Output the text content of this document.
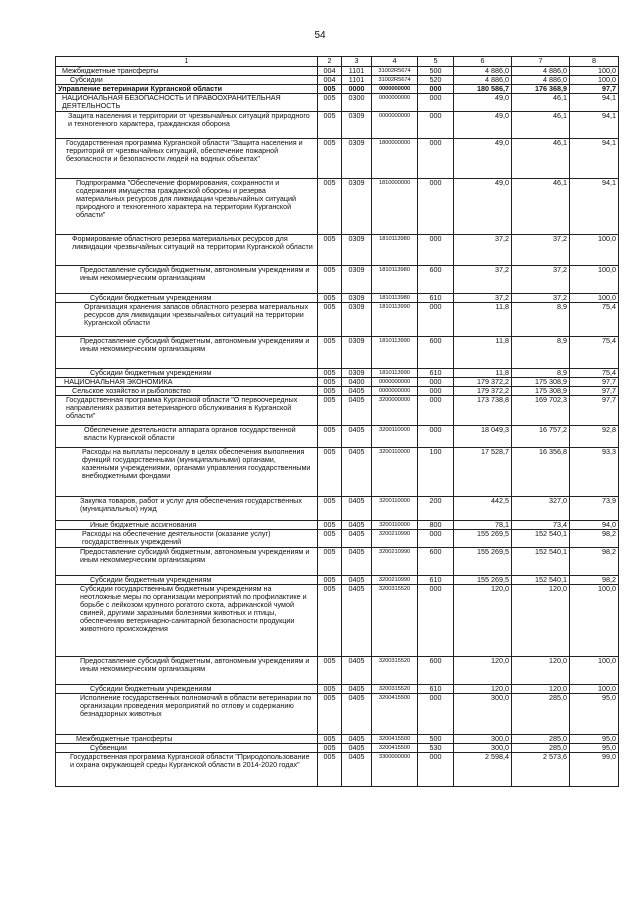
54
1	2	3	4	5	6	7	8
Межбюджетные трансферты	004	1101	31002R5674	500	4 886,0	4 886,0	100,0
Субсидии	004	1101	31002R5674	520	4 886,0	4 886,0	100,0
Управление ветеринарии Курганской области	005	0000	0000000000	000	180 586,7	176 368,9	97,7
НАЦИОНАЛЬНАЯ БЕЗОПАСНОСТЬ И ПРАВООХРАНИТЕЛЬНАЯ ДЕЯТЕЛЬНОСТЬ	005	0300	0000000000	000	49,0	46,1	94,1
Защита населения и территории от чрезвычайных ситуаций природного и техногенного характера, гражданская оборона	005	0309	0000000000	000	49,0	46,1	94,1
Государственная программа Курганской области "Защита населения и территорий от чрезвычайных ситуаций, обеспечение пожарной безопасности и безопасности людей на водных объектах"	005	0309	1800000000	000	49,0	46,1	94,1
Подпрограмма "Обеспечение формирования, сохранности и содержания имущества гражданской обороны и резерва материальных ресурсов для ликвидации чрезвычайных ситуаций природного и техногенного характера на территории Курганской области"	005	0309	1810000000	000	49,0	46,1	94,1
Формирование областного резерва материальных ресурсов для ликвидации чрезвычайных ситуаций на территории Курганской области	005	0309	1810113980	000	37,2	37,2	100,0
Предоставление субсидий бюджетным, автономным учреждениям и иным некоммерческим организациям	005	0309	1810113980	600	37,2	37,2	100,0
Субсидии бюджетным учреждениям	005	0309	1810113980	610	37,2	37,2	100,0
Организация хранения запасов областного резерва материальных ресурсов для ликвидации чрезвычайных ситуаций на территории Курганской области	005	0309	1810113990	000	11,8	8,9	75,4
Предоставление субсидий бюджетным, автономным учреждениям и иным некоммерческим организациям	005	0309	1810113990	600	11,8	8,9	75,4
Субсидии бюджетным учреждениям	005	0309	1810113990	610	11,8	8,9	75,4
НАЦИОНАЛЬНАЯ ЭКОНОМИКА	005	0400	0000000000	000	179 372,2	175 308,9	97,7
Сельское хозяйство и рыболовство	005	0405	0000000000	000	179 372,2	175 308,9	97,7
Государственная программа Курганской области "О первоочередных направлениях развития ветеринарного обслуживания в Курганской области"	005	0405	3200000000	000	173 738,8	169 702,3	97,7
Обеспечение деятельности аппарата органов государственной власти Курганской области	005	0405	3200110000	000	18 049,3	16 757,2	92,8
Расходы на выплаты персоналу в целях обеспечения выполнения функций государственными (муниципальными) органами, казенными учреждениями, органами управления государственными внебюджетными фондами	005	0405	3200110000	100	17 528,7	16 356,8	93,3
Закупка товаров, работ и услуг для обеспечения государственных (муниципальных) нужд	005	0405	3200110000	200	442,5	327,0	73,9
Иные бюджетные ассигнования	005	0405	3200110000	800	78,1	73,4	94,0
Расходы на обеспечение деятельности (оказание услуг) государственных учреждений	005	0405	3200210990	000	155 269,5	152 540,1	98,2
Предоставление субсидий бюджетным, автономным учреждениям и иным некоммерческим организациям	005	0405	3200210990	600	155 269,5	152 540,1	98,2
Субсидии бюджетным учреждениям	005	0405	3200210990	610	155 269,5	152 540,1	98,2
Субсидии государственным бюджетным учреждениям на неотложные меры по организации мероприятий по профилактике и борьбе с лейкозом крупного рогатого скота, африканской чумой свиней, другими заразными болезнями животных и птицы, обеспечению ветеринарно-санитарной безопасности продукции животного происхождения	005	0405	3200315520	000	120,0	120,0	100,0
Предоставление субсидий бюджетным, автономным учреждениям и иным некоммерческим организациям	005	0405	3200315520	600	120,0	120,0	100,0
Субсидии бюджетным учреждениям	005	0405	3200315520	610	120,0	120,0	100,0
Исполнение государственных полномочий в области ветеринарии по организации проведения мероприятий по отлову и содержанию безнадзорных животных	005	0405	3200415500	000	300,0	285,0	95,0
Межбюджетные трансферты	005	0405	3200415500	500	300,0	285,0	95,0
Субвенции	005	0405	3200415500	530	300,0	285,0	95,0
Государственная программа Курганской области "Природопользование и охрана окружающей среды Курганской области в 2014-2020 годах"	005	0405	3300000000	000	2 598,4	2 573,6	99,0
